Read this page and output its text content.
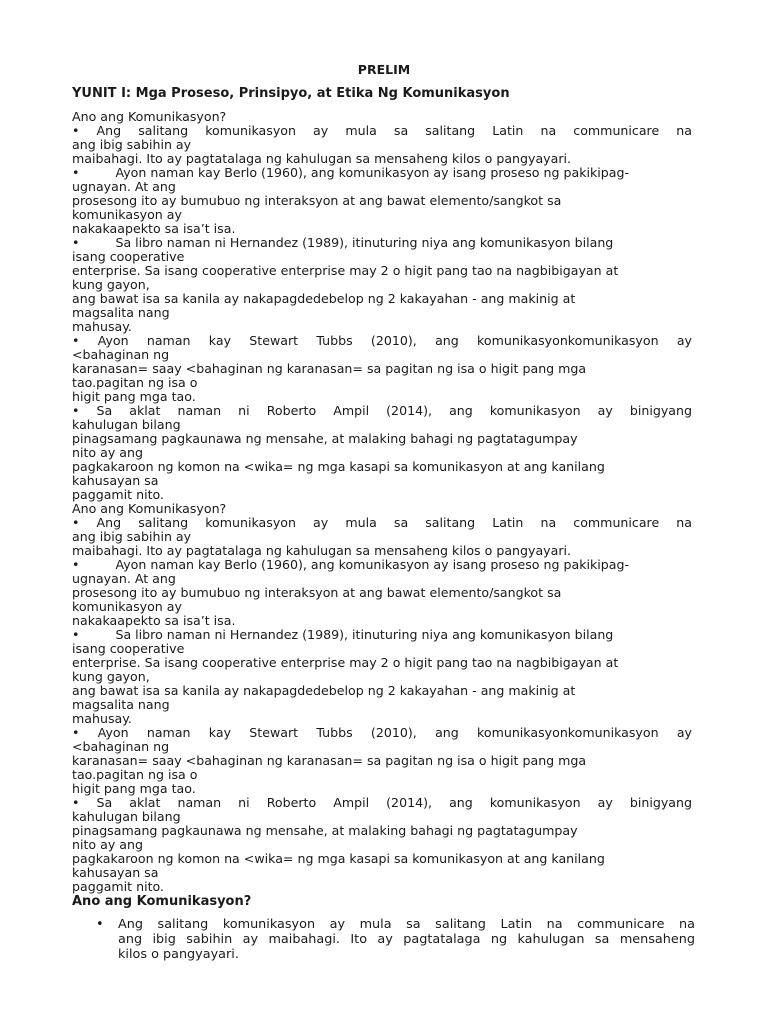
PRELIM
YUNIT I: Mga Proseso, Prinsipyo, at Etika Ng Komunikasyon
Ano ang Komunikasyon?
• Ang salitang komunikasyon ay mula sa salitang Latin na communicare na
ang ibig sabihin ay
maibahagi. Ito ay pagtatalaga ng kahulugan sa mensaheng kilos o pangyayari.
•         Ayon naman kay Berlo (1960), ang komunikasyon ay isang proseso ng pakikipag-
ugnayan. At ang
prosesong ito ay bumubuo ng interaksyon at ang bawat elemento/sangkot sa
komunikasyon ay
nakakaapekto sa isa’t isa.
•         Sa libro naman ni Hernandez (1989), itinuturing niya ang komunikasyon bilang
isang cooperative
enterprise. Sa isang cooperative enterprise may 2 o higit pang tao na nagbibigayan at
kung gayon,
ang bawat isa sa kanila ay nakapagdedebelop ng 2 kakayahan - ang makinig at
magsalita nang
mahusay.
• Ayon naman kay Stewart Tubbs (2010), ang komunikasyonkomunikasyon ay
<bahaginan ng
karanasan= saay <bahaginan ng karanasan= sa pagitan ng isa o higit pang mga
tao.pagitan ng isa o
higit pang mga tao.
• Sa aklat naman ni Roberto Ampil (2014), ang komunikasyon ay binigyang
kahulugan bilang
pinagsamang pagkaunawa ng mensahe, at malaking bahagi ng pagtatagumpay
nito ay ang
pagkakaroon ng komon na <wika= ng mga kasapi sa komunikasyon at ang kanilang
kahusayan sa
paggamit nito.
Ano ang Komunikasyon?
• Ang salitang komunikasyon ay mula sa salitang Latin na communicare na
ang ibig sabihin ay
maibahagi. Ito ay pagtatalaga ng kahulugan sa mensaheng kilos o pangyayari.
•         Ayon naman kay Berlo (1960), ang komunikasyon ay isang proseso ng pakikipag-
ugnayan. At ang
prosesong ito ay bumubuo ng interaksyon at ang bawat elemento/sangkot sa
komunikasyon ay
nakakaapekto sa isa’t isa.
•         Sa libro naman ni Hernandez (1989), itinuturing niya ang komunikasyon bilang
isang cooperative
enterprise. Sa isang cooperative enterprise may 2 o higit pang tao na nagbibigayan at
kung gayon,
ang bawat isa sa kanila ay nakapagdedebelop ng 2 kakayahan - ang makinig at
magsalita nang
mahusay.
• Ayon naman kay Stewart Tubbs (2010), ang komunikasyonkomunikasyon ay
<bahaginan ng
karanasan= saay <bahaginan ng karanasan= sa pagitan ng isa o higit pang mga
tao.pagitan ng isa o
higit pang mga tao.
• Sa aklat naman ni Roberto Ampil (2014), ang komunikasyon ay binigyang
kahulugan bilang
pinagsamang pagkaunawa ng mensahe, at malaking bahagi ng pagtatagumpay
nito ay ang
pagkakaroon ng komon na <wika= ng mga kasapi sa komunikasyon at ang kanilang
kahusayan sa
paggamit nito.
Ano ang Komunikasyon?
• Ang salitang komunikasyon ay mula sa salitang Latin na communicare na
ang ibig sabihin ay maibahagi. Ito ay pagtatalaga ng kahulugan sa mensaheng
kilos o pangyayari.
